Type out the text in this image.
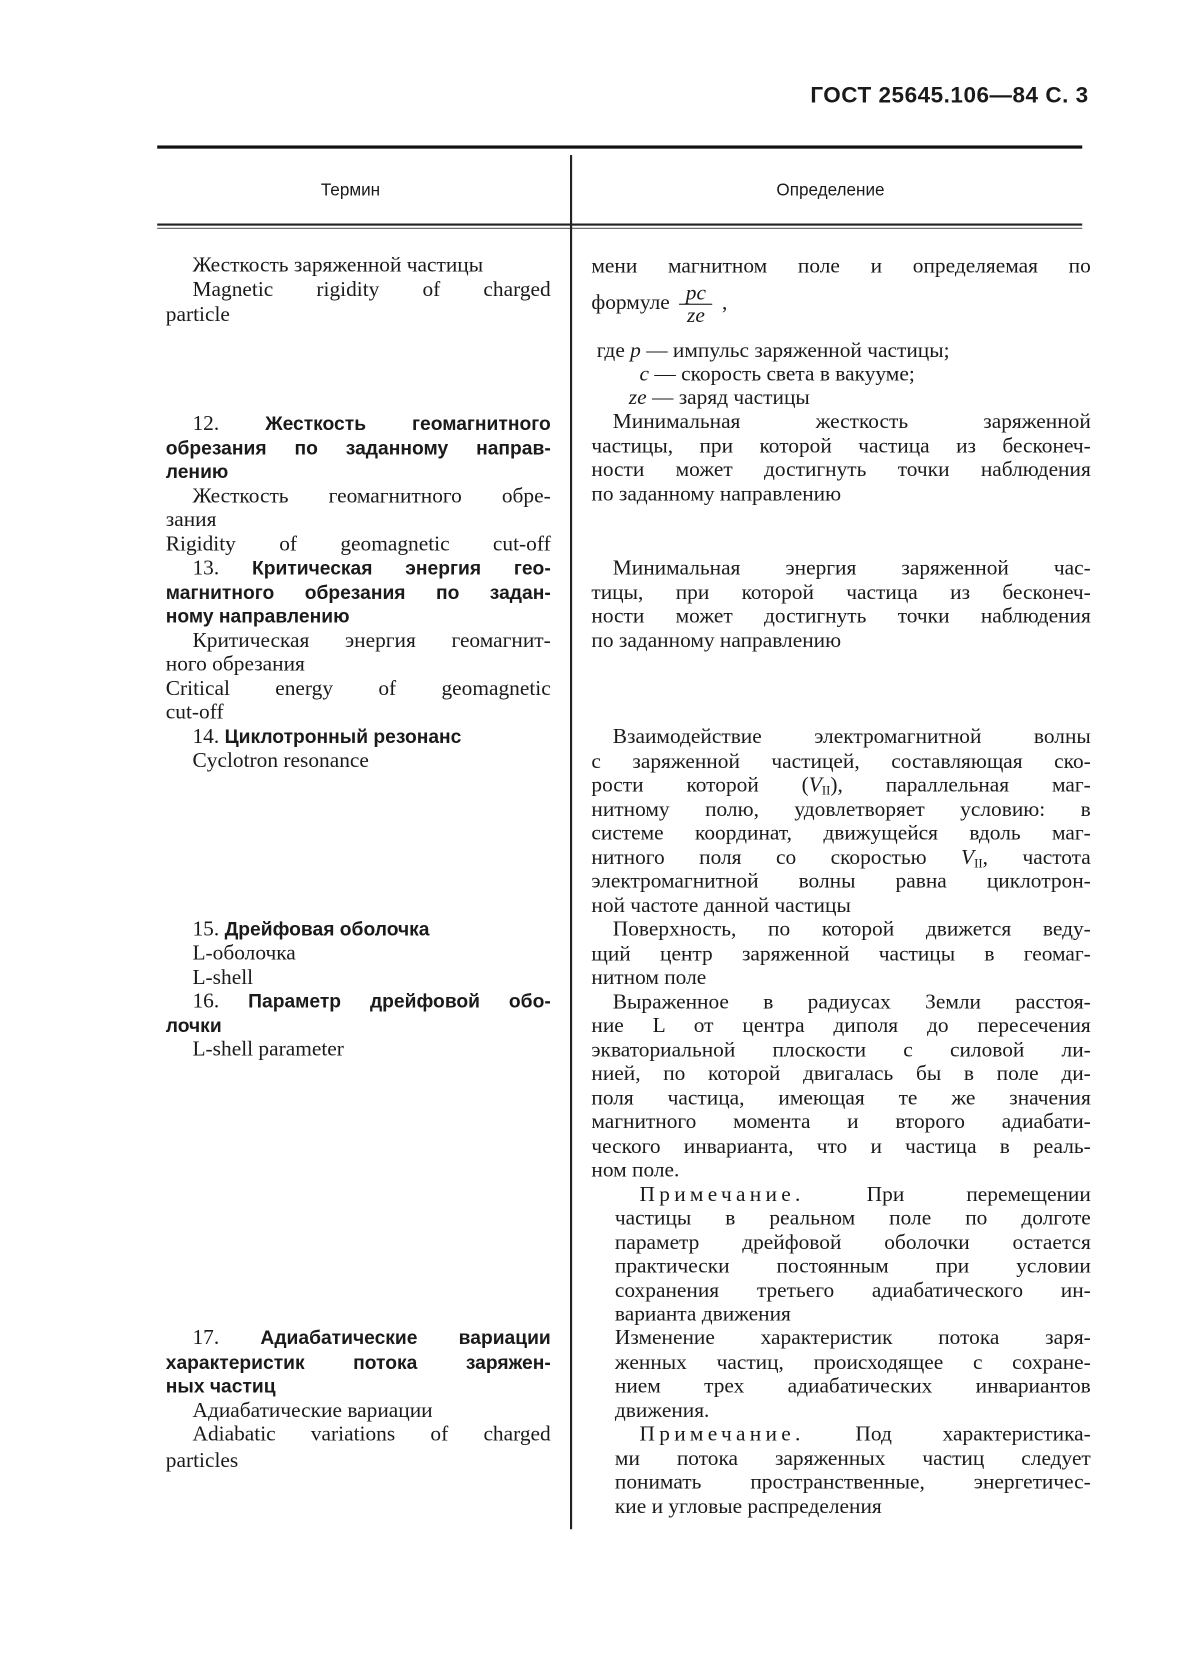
ГОСТ 25645.106—84 С. 3
Термин	Определение
формуле $\frac{pc}{ze}$ ,
Жесткость заряженной частицы
Magnetic rigidity of charged
particle
12. Жесткость геомагнитного
обрезания по заданному направ-
лению
Жесткость геомагнитного обре-
зания
Rigidity of geomagnetic cut-off
13. Критическая энергия гео-
магнитного обрезания по задан-
ному направлению
Критическая энергия геомагнит-
ного обрезания
Critical energy of geomagnetic
cut-off
14. Циклотронный резонанс
Cyclotron resonance
15. Дрейфовая оболочка
L-оболочка
L-shell
16. Параметр дрейфовой обо-
лочки
L-shell parameter
17. Адиабатические вариации
характеристик потока заряжен-
ных частиц
Адиабатические вариации
Adiabatic variations of charged
particles
мени магнитном поле и определяемая по
где p — импульс заряженной частицы;
c — скорость света в вакууме;
ze — заряд частицы
Минимальная жесткость заряженной
частицы, при которой частица из бесконеч-
ности может достигнуть точки наблюдения
по заданному направлению
Минимальная энергия заряженной час-
тицы, при которой частица из бесконеч-
ности может достигнуть точки наблюдения
по заданному направлению
Взаимодействие электромагнитной волны
с заряженной частицей, составляющая ско-
рости которой $(V_{II})$, параллельная маг-
нитному полю, удовлетворяет условию: в
системе координат, движущейся вдоль маг-
нитного поля со скоростью $V_{II}$, частота
электромагнитной волны равна циклотрон-
ной частоте данной частицы
Поверхность, по которой движется веду-
щий центр заряженной частицы в геомаг-
нитном поле
Выраженное в радиусах Земли расстоя-
ние L от центра диполя до пересечения
экваториальной плоскости с силовой ли-
нией, по которой двигалась бы в поле ди-
поля частица, имеющая те же значения
магнитного момента и второго адиабати-
ческого инварианта, что и частица в реаль-
ном поле.
Примечание. При перемещении
частицы в реальном поле по долготе
параметр дрейфовой оболочки остается
практически постоянным при условии
сохранения третьего адиабатического ин-
варианта движения
Изменение характеристик потока заря-
женных частиц, происходящее с сохране-
нием трех адиабатических инвариантов
движения.
Примечание. Под характеристика-
ми потока заряженных частиц следует
понимать пространственные, энергетичес-
кие и угловые распределения
